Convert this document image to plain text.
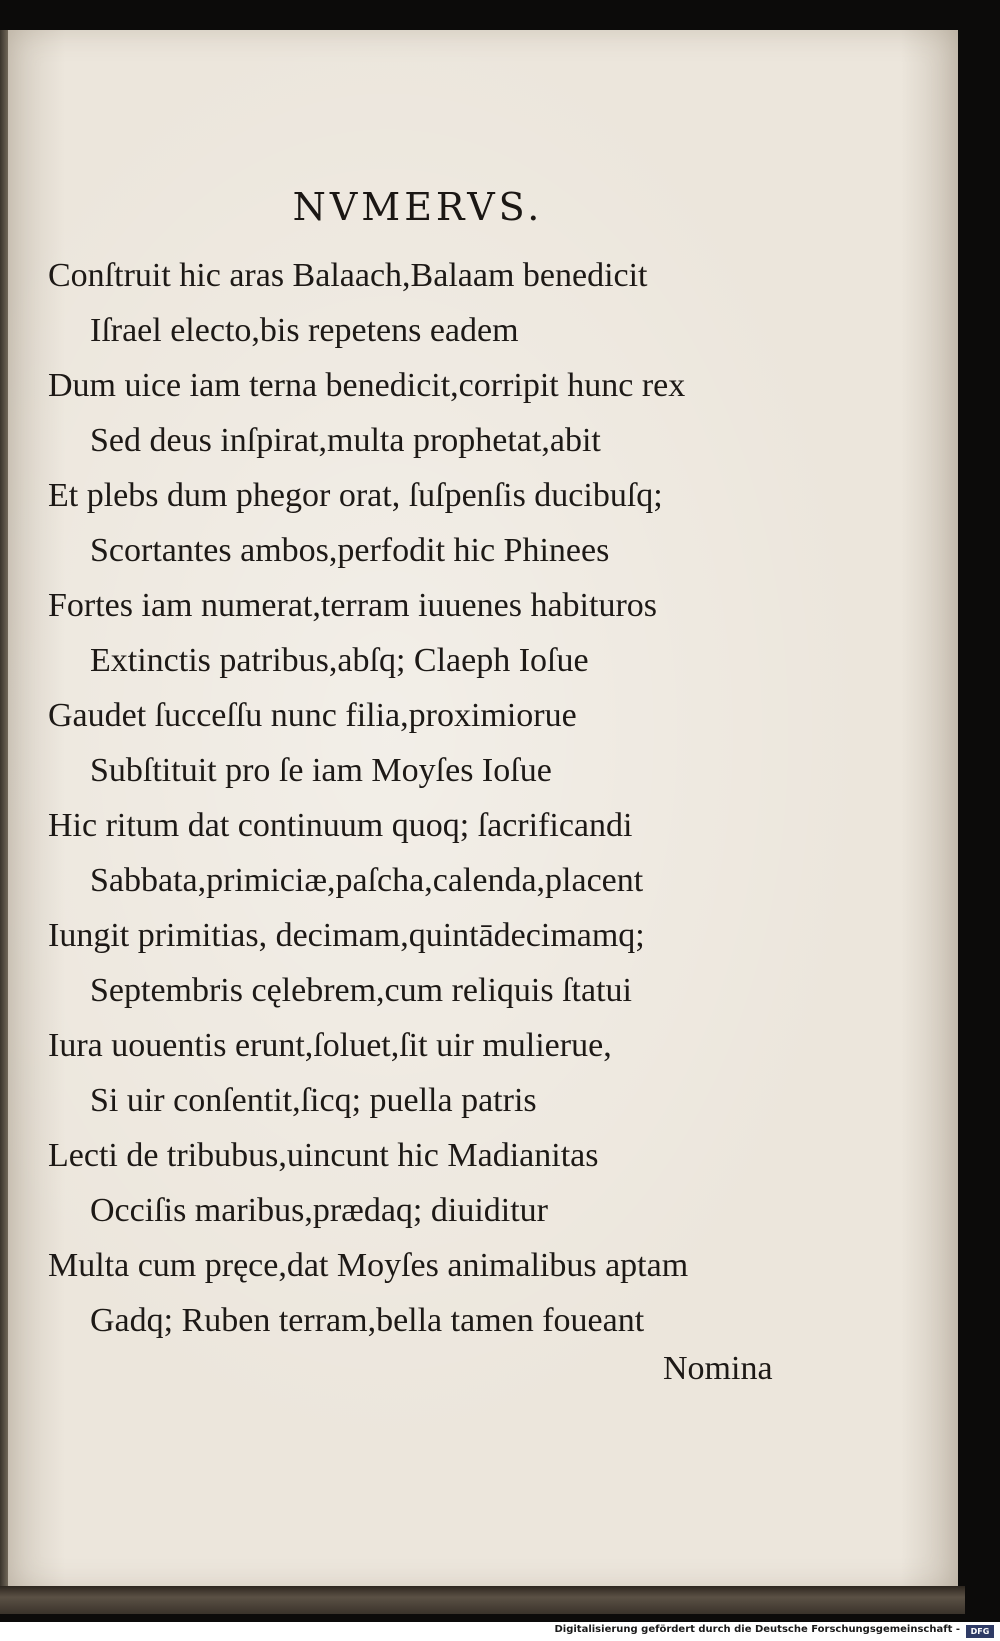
NVMERVS.
Conſtruit hic aras Balaach,Balaam benedicit
Iſrael electo,bis repetens eadem
Dum uice iam terna benedicit,corripit hunc rex
Sed deus inſpirat,multa prophetat,abit
Et plebs dum phegor orat, ſuſpenſis ducibuſq;
Scortantes ambos,perfodit hic Phinees
Fortes iam numerat,terram iuuenes habituros
Extinctis patribus,abſq; Claeph Ioſue
Gaudet ſucceſſu nunc filia,proximiorue
Subſtituit pro ſe iam Moyſes Ioſue
Hic ritum dat continuum quoq; ſacrificandi
Sabbata,primiciæ,paſcha,calenda,placent
Iungit primitias, decimam,quintādecimamq;
Septembris cęlebrem,cum reliquis ſtatui
Iura uouentis erunt,ſoluet,ſit uir mulierue,
Si uir conſentit,ſicq; puella patris
Lecti de tribubus,uincunt hic Madianitas
Occiſis maribus,prædaq; diuiditur
Multa cum pręce,dat Moyſes animalibus aptam
Gadq; Ruben terram,bella tamen foueant
Nomina
Digitalisierung gefördert durch die Deutsche Forschungsgemeinschaft -	DFG
